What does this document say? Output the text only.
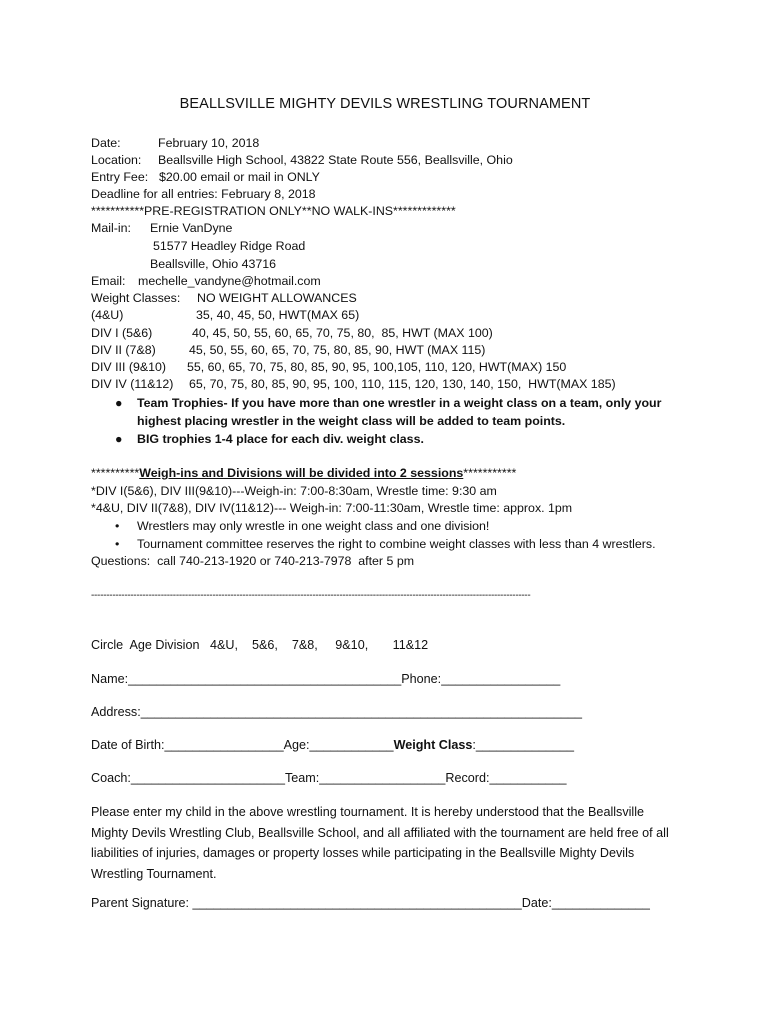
BEALLSVILLE MIGHTY DEVILS WRESTLING TOURNAMENT
Date:	February 10, 2018
Location: Beallsville High School, 43822 State Route 556, Beallsville, Ohio
Entry Fee: $20.00 email or mail in ONLY
Deadline for all entries: February 8, 2018
***********PRE-REGISTRATION ONLY**NO WALK-INS*************
Mail-in: Ernie VanDyne
51577 Headley Ridge Road
Beallsville, Ohio 43716
Email: mechelle_vandyne@hotmail.com
Weight Classes: NO WEIGHT ALLOWANCES
(4&U)	35, 40, 45, 50, HWT(MAX 65)
DIV I (5&6)	40, 45, 50, 55, 60, 65, 70, 75, 80,  85, HWT (MAX 100)
DIV II (7&8)	45, 50, 55, 60, 65, 70, 75, 80, 85, 90, HWT (MAX 115)
DIV III (9&10) 55, 60, 65, 70, 75, 80, 85, 90, 95, 100,105, 110, 120, HWT(MAX) 150
DIV IV (11&12) 65, 70, 75, 80, 85, 90, 95, 100, 110, 115, 120, 130, 140, 150,  HWT(MAX 185)
● Team Trophies- If you have more than one wrestler in a weight class on a team, only your
highest placing wrestler in the weight class will be added to team points.
● BIG trophies 1-4 place for each div. weight class.
**********Weigh-ins and Divisions will be divided into 2 sessions***********
*DIV I(5&6), DIV III(9&10)---Weigh-in: 7:00-8:30am, Wrestle time: 9:30 am
*4&U, DIV II(7&8), DIV IV(11&12)--- Weigh-in: 7:00-11:30am, Wrestle time: approx. 1pm
• Wrestlers may only wrestle in one weight class and one division!
• Tournament committee reserves the right to combine weight classes with less than 4 wrestlers.
Questions:  call 740-213-1920 or 740-213-7978  after 5 pm
-------------------------------------------------------------------------------------------------------------------------------------------------
Circle  Age Division   4&U,    5&6,    7&8,     9&10,       11&12
Name:_______________________________________Phone:_________________
Address:_______________________________________________________________
Date of Birth:_________________Age:____________Weight Class:______________
Coach:______________________Team:__________________Record:___________
Please enter my child in the above wrestling tournament. It is hereby understood that the Beallsville
Mighty Devils Wrestling Club, Beallsville School, and all affiliated with the tournament are held free of all
liabilities of injuries, damages or property losses while participating in the Beallsville Mighty Devils
Wrestling Tournament.
Parent Signature: _______________________________________________Date:______________
